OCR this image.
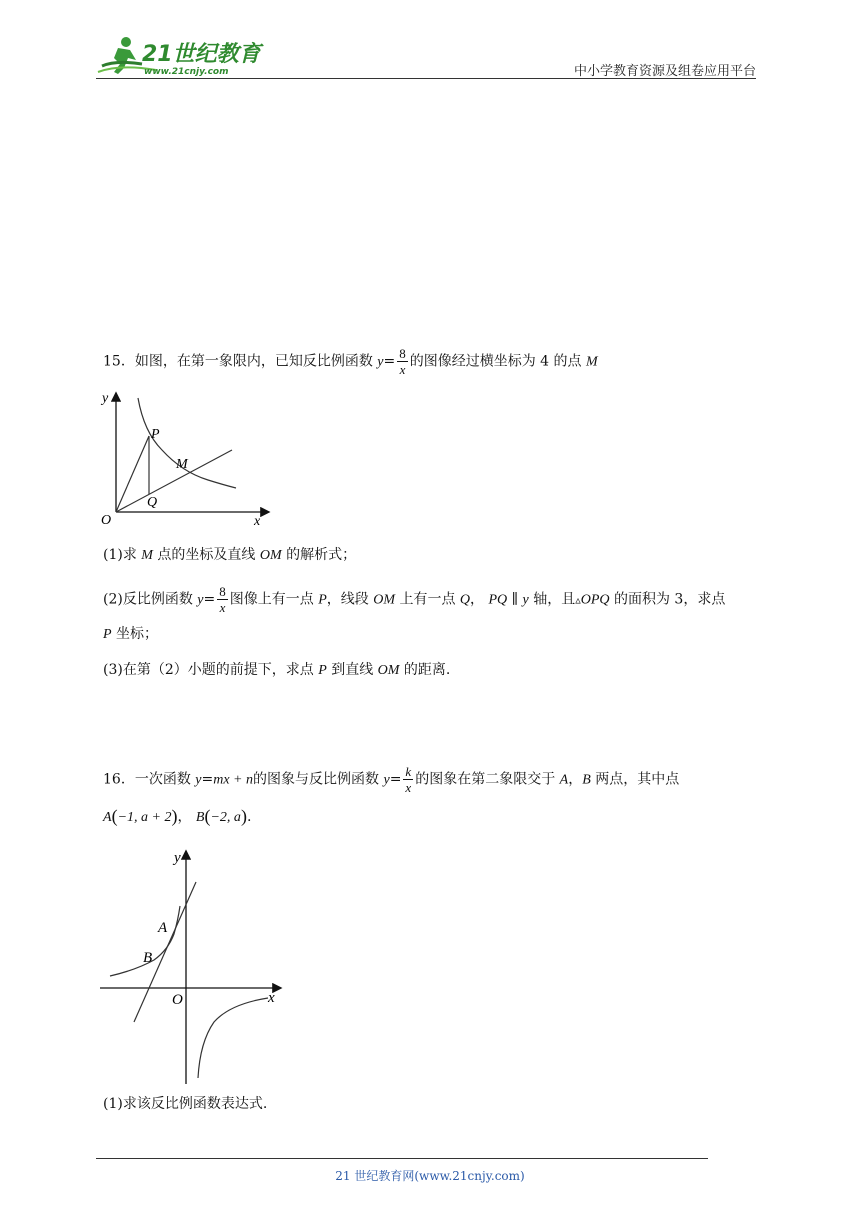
21世纪教育
www.21cnjy.com	中小学教育资源及组卷应用平台
15．如图，在第一象限内，已知反比例函数 $y= \frac{8}{x}$ 的图像经过横坐标为 4 的点 M
y
x
O
P
Q
M
(1)求 M 点的坐标及直线 OM 的解析式；
(2)反比例函数 $y= \frac{8}{x}$ 图像上有一点 P，线段 OM 上有一点 Q， PQ ∥ y 轴，且▵OPQ 的面积为 3，求点
P 坐标；
(3)在第（2）小题的前提下，求点 P 到直线 OM 的距离.
16．一次函数 y=mx + n的图象与反比例函数 $y= \frac{k}{x}$ 的图象在第二象限交于 A，B 两点，其中点
A(−1, a + 2)， B(−2, a).
y
x
O
A
B
(1)求该反比例函数表达式.
21 世纪教育网(www.21cnjy.com)
